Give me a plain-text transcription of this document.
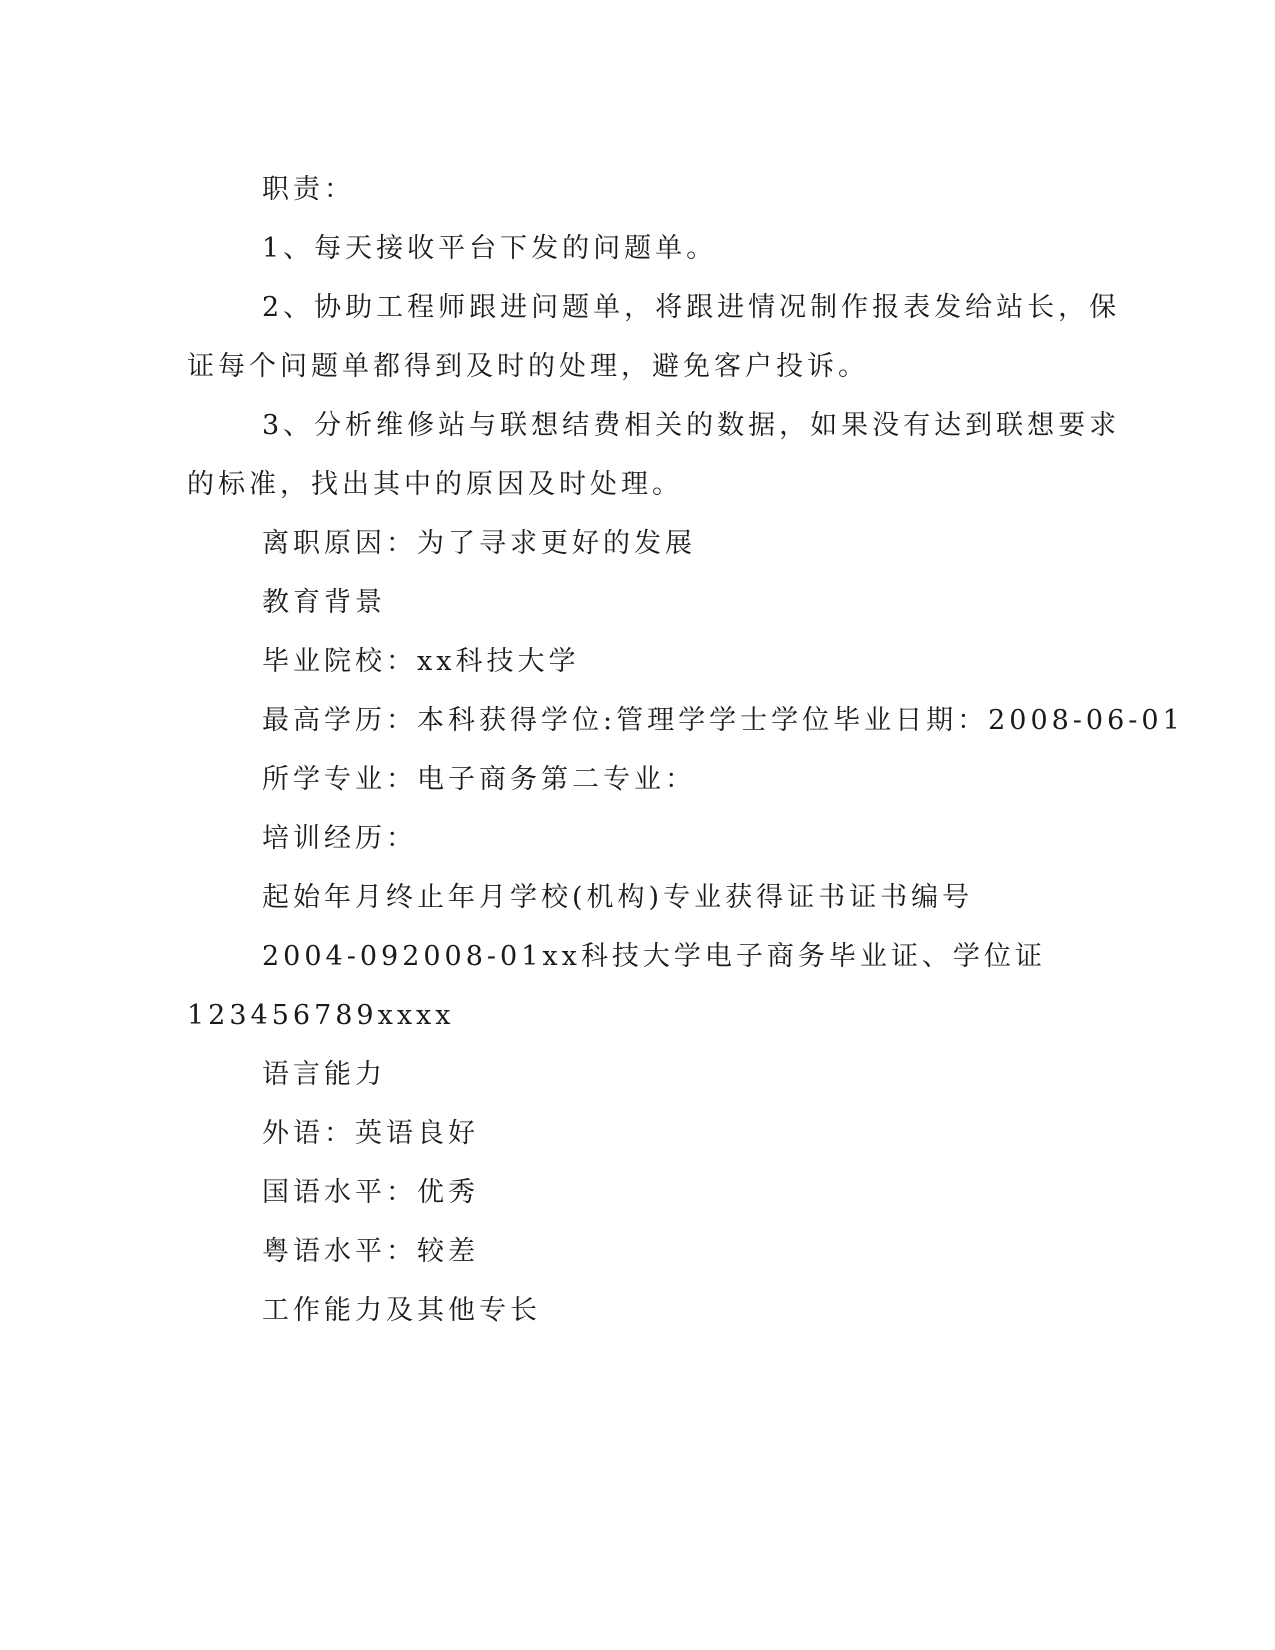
职责：
1、每天接收平台下发的问题单。
2、协助工程师跟进问题单，将跟进情况制作报表发给站长，保
证每个问题单都得到及时的处理，避免客户投诉。
3、分析维修站与联想结费相关的数据，如果没有达到联想要求
的标准，找出其中的原因及时处理。
离职原因：为了寻求更好的发展
教育背景
毕业院校：xx科技大学
最高学历：本科获得学位:管理学学士学位毕业日期：2008-06-01
所学专业：电子商务第二专业：
培训经历：
起始年月终止年月学校(机构)专业获得证书证书编号
2004-092008-01xx科技大学电子商务毕业证、学位证
123456789xxxx
语言能力
外语：英语良好
国语水平：优秀
粤语水平：较差
工作能力及其他专长
